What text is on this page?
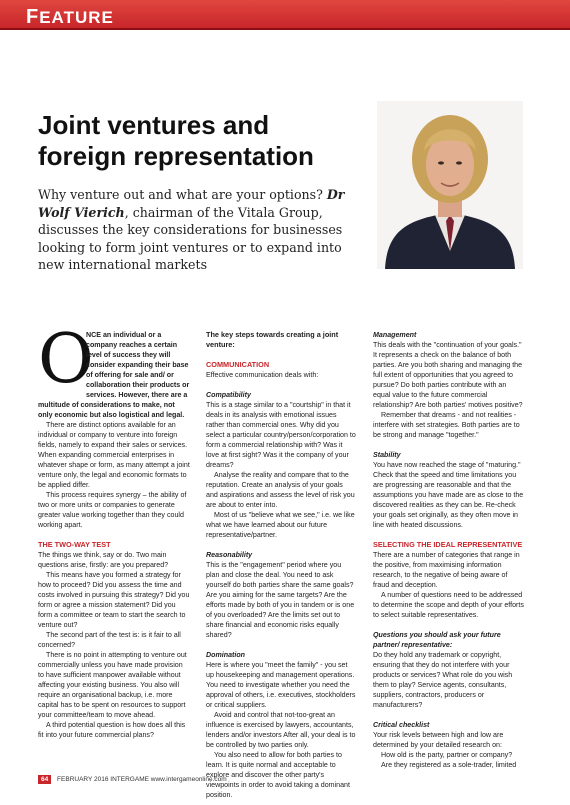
FEATURE
Joint ventures and
foreign representation
Why venture out and what are your options? Dr Wolf Vierich, chairman of the Vitala Group, discusses the key considerations for businesses looking to form joint ventures or to expand into new international markets
O

NCE an individual or a company reaches a certain level of success they will consider expanding their base of offering for sale and/ or collaboration their products or services. However, there are a multitude of considerations to make, not only economic but also logistical and legal.

There are distinct options available for an individual or company to venture into foreign fields, namely to expand their sales or services. When expanding commercial enterprises in whatever shape or form, as many attempt a joint venture only, the legal and economic formats to be applied differ.

This process requires synergy – the ability of two or more units or companies to generate greater value working together than they could working apart.

THE TWO-WAY TEST

The things we think, say or do. Two main questions arise, firstly: are you prepared?

This means have you formed a strategy for how to proceed? Did you assess the time and costs involved in pursuing this strategy? Did you form or agree a mission statement? Did you form a committee or team to start the search to venture out?

The second part of the test is: is it fair to all concerned?

There is no point in attempting to venture out commercially unless you have made provision to have sufficient manpower available without affecting your existing business. You also will require an organisational backup, i.e. more capital has to be spent on resources to support your committee/team to move ahead.

A third potential question is how does all this fit into your future commercial plans?

The key steps towards creating a joint venture:

COMMUNICATION

Effective communication deals with:

Compatibility

This is a stage similar to a "courtship" in that it deals in its analysis with emotional issues rather than commercial ones. Why did you select a particular country/person/corporation to form a commercial relationship with? Was it love at first sight? Was it the company of your dreams?

Analyse the reality and compare that to the reputation. Create an analysis of your goals and aspirations and assess the level of risk you are about to enter into.

Most of us "believe what we see," i.e. we like what we have learned about our future representative/partner.

Reasonability

This is the "engagement" period where you plan and close the deal. You need to ask yourself do both parties share the same goals? Are you aiming for the same targets? Are the efforts made by both of you in tandem or is one of you overloaded? Are the limits set out to share financial and economic risks equally shared?

Domination

Here is where you "meet the family" - you set up housekeeping and management operations. You need to investigate whether you need the approval of others, i.e. executives, stockholders or critical suppliers.

Avoid and control that not-too-great an influence is exercised by lawyers, accountants, lenders and/or investors After all, your deal is to be controlled by two parties only.

You also need to allow for both parties to learn. It is quite normal and acceptable to explore and discover the other party's viewpoints in order to avoid taking a dominant position.

Management

This deals with the "continuation of your goals." It represents a check on the balance of both parties. Are you both sharing and managing the full extent of opportunities that you agreed to pursue? Do both parties contribute with an equal value to the future commercial relationship? Are both parties' motives positive?

Remember that dreams - and not realities - interfere with set strategies. Both parties are to be strong and manage "together."

Stability

You have now reached the stage of "maturing." Check that the speed and time limitations you are progressing are reasonable and that the assumptions you have made are as close to the discovered realities as they can be. Re-check your goals set originally, as they often move in line with heated discussions.

SELECTING THE IDEAL REPRESENTATIVE

There are a number of categories that range in the positive, from maximising information research, to the negative of being aware of fraud and deception.

A number of questions need to be addressed to determine the scope and depth of your efforts to select suitable representatives.

Questions you should ask your future partner/ representative:

Do they hold any trademark or copyright, ensuring that they do not interfere with your products or services? What role do you wish them to play? Service agents, consultants, suppliers, contractors, producers or manufacturers?

Critical checklist

Your risk levels between high and low are determined by your detailed research on:

How old is the party, partner or company?

Are they registered as a sole-trader, limited

64 FEBRUARY 2016 INTERGAME www.intergameonline.com
